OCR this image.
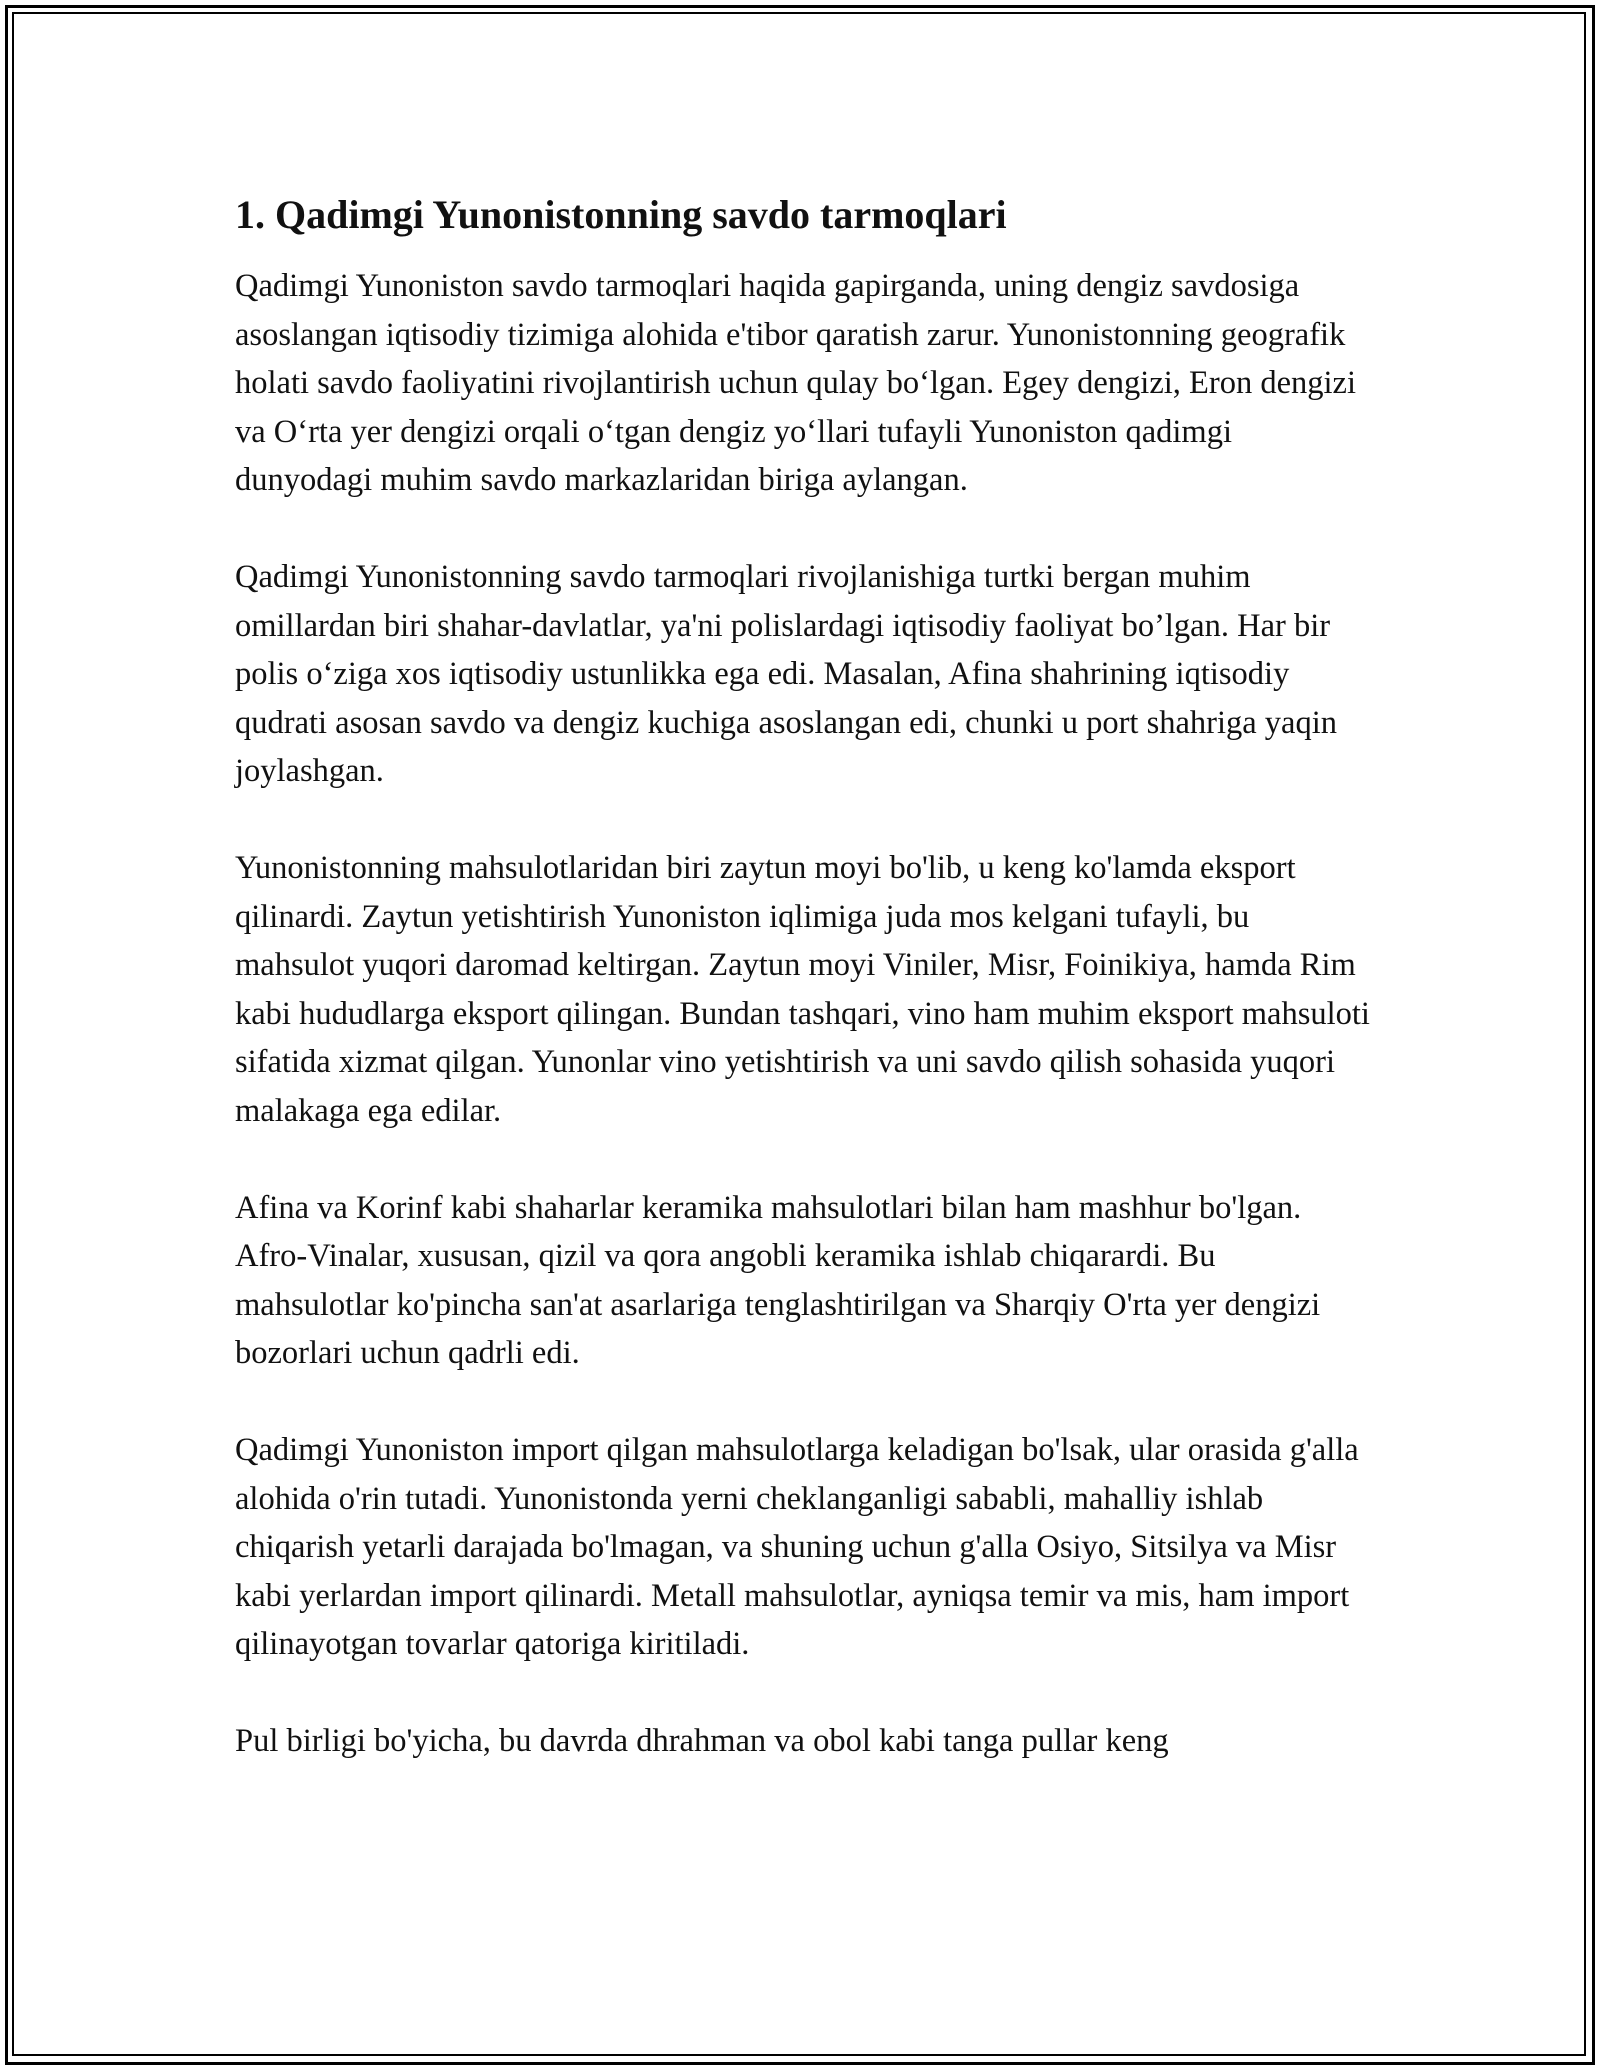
1. Qadimgi Yunonistonning savdo tarmoqlari

Qadimgi Yunoniston savdo tarmoqlari haqida gapirganda, uning dengiz savdosiga asoslangan iqtisodiy tizimiga alohida e'tibor qaratish zarur. Yunonistonning geografik holati savdo faoliyatini rivojlantirish uchun qulay bo‘lgan. Egey dengizi, Eron dengizi va O‘rta yer dengizi orqali o‘tgan dengiz yo‘llari tufayli Yunoniston qadimgi dunyodagi muhim savdo markazlaridan biriga aylangan.

Qadimgi Yunonistonning savdo tarmoqlari rivojlanishiga turtki bergan muhim omillardan biri shahar-davlatlar, ya'ni polislardagi iqtisodiy faoliyat bo’lgan. Har bir polis o‘ziga xos iqtisodiy ustunlikka ega edi. Masalan, Afina shahrining iqtisodiy qudrati asosan savdo va dengiz kuchiga asoslangan edi, chunki u port shahriga yaqin joylashgan.

Yunonistonning mahsulotlaridan biri zaytun moyi bo'lib, u keng ko'lamda eksport qilinardi. Zaytun yetishtirish Yunoniston iqlimiga juda mos kelgani tufayli, bu mahsulot yuqori daromad keltirgan. Zaytun moyi Viniler, Misr, Foinikiya, hamda Rim kabi hududlarga eksport qilingan. Bundan tashqari, vino ham muhim eksport mahsuloti sifatida xizmat qilgan. Yunonlar vino yetishtirish va uni savdo qilish sohasida yuqori malakaga ega edilar.

Afina va Korinf kabi shaharlar keramika mahsulotlari bilan ham mashhur bo'lgan. Afro-Vinalar, xususan, qizil va qora angobli keramika ishlab chiqarardi. Bu mahsulotlar ko'pincha san'at asarlariga tenglashtirilgan va Sharqiy O'rta yer dengizi bozorlari uchun qadrli edi.

Qadimgi Yunoniston import qilgan mahsulotlarga keladigan bo'lsak, ular orasida g'alla alohida o'rin tutadi. Yunonistonda yerni cheklanganligi sababli, mahalliy ishlab chiqarish yetarli darajada bo'lmagan, va shuning uchun g'alla Osiyo, Sitsilya va Misr kabi yerlardan import qilinardi. Metall mahsulotlar, ayniqsa temir va mis, ham import qilinayotgan tovarlar qatoriga kiritiladi.

Pul birligi bo'yicha, bu davrda dhrahman va obol kabi tanga pullar keng
